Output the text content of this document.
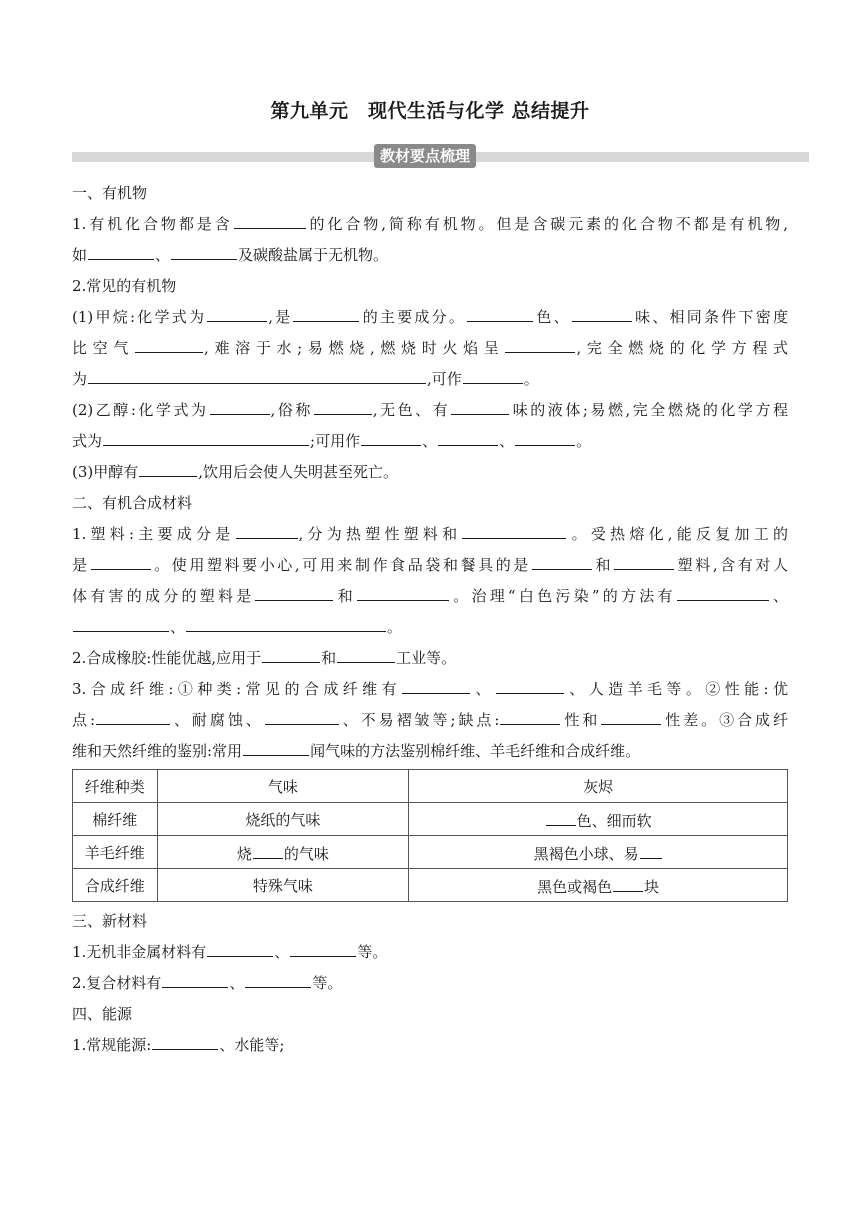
第九单元　现代生活与化学 总结提升
教材要点梳理
一、有机物
1.有机化合物都是含	的化合物,简称有机物。但是含碳元素的化合物不都是有机物,
如	、	及碳酸盐属于无机物。
2.常见的有机物
(1)甲烷:化学式为	,是	的主要成分。	色、	味、相同条件下密度
比空气	,难溶于水;易燃烧,燃烧时火焰呈	,完全燃烧的化学方程式
为	,可作	。
(2)乙醇:化学式为	,俗称	,无色、有	味的液体;易燃,完全燃烧的化学方程
式为	;可用作	、	、	。
(3)甲醇有	,饮用后会使人失明甚至死亡。
二、有机合成材料
1.塑料:主要成分是	,分为热塑性塑料和	。受热熔化,能反复加工的
是	。使用塑料要小心,可用来制作食品袋和餐具的是	和	塑料,含有对人
体有害的成分的塑料是	和	。治理“白色污染”的方法有	、
、	。
2.合成橡胶:性能优越,应用于	和	工业等。
3.合成纤维:①种类:常见的合成纤维有	、	、人造羊毛等。②性能:优
点:	、耐腐蚀、	、不易褶皱等;缺点:	性和	性差。③合成纤
维和天然纤维的鉴别:常用	闻气味的方法鉴别棉纤维、羊毛纤维和合成纤维。
纤维种类	气味	灰烬
棉纤维	烧纸的气味	色、细而软
羊毛纤维	烧 的气味	黑褐色小球、易
合成纤维	特殊气味	黑色或褐色 块
三、新材料
1.无机非金属材料有	、	等。
2.复合材料有	、	等。
四、能源
1.常规能源:	、水能等;
